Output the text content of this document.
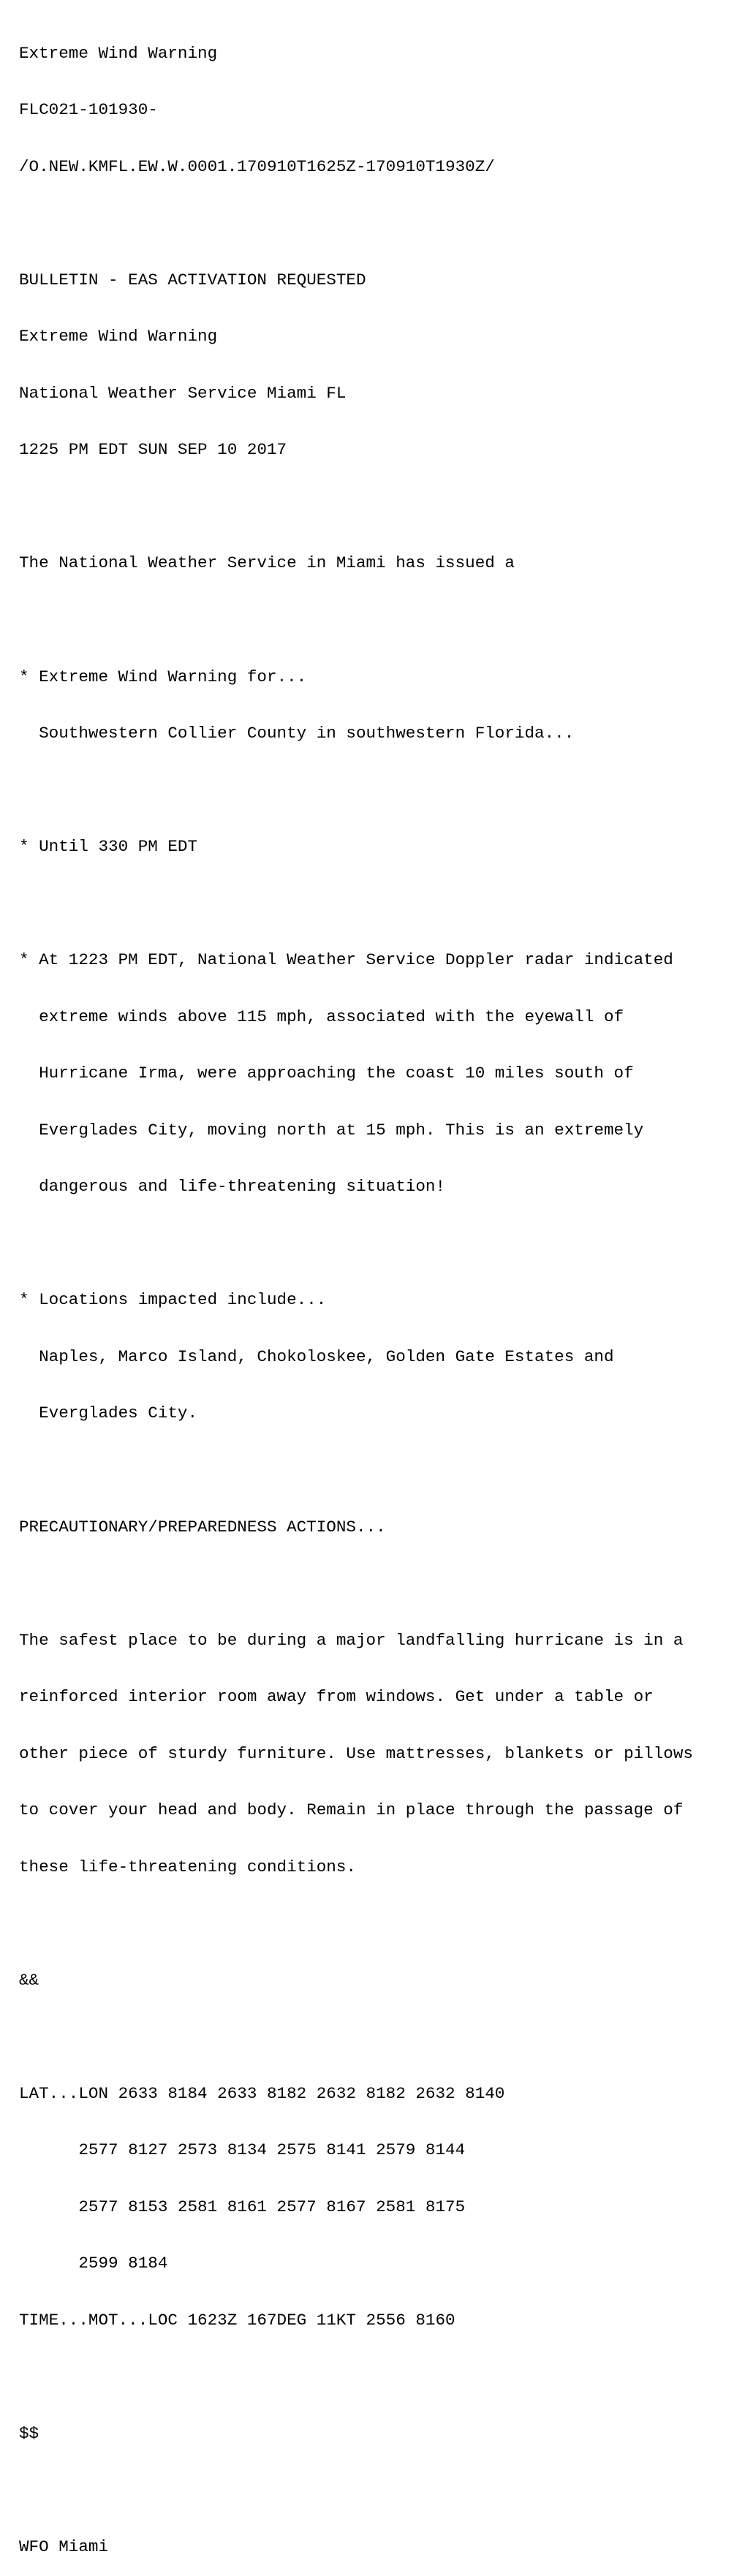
Extreme Wind Warning

FLC021-101930-

/O.NEW.KMFL.EW.W.0001.170910T1625Z-170910T1930Z/

BULLETIN - EAS ACTIVATION REQUESTED

Extreme Wind Warning

National Weather Service Miami FL

1225 PM EDT SUN SEP 10 2017

The National Weather Service in Miami has issued a

* Extreme Wind Warning for...

Southwestern Collier County in southwestern Florida...

* Until 330 PM EDT

* At 1223 PM EDT, National Weather Service Doppler radar indicated

extreme winds above 115 mph, associated with the eyewall of

Hurricane Irma, were approaching the coast 10 miles south of

Everglades City, moving north at 15 mph. This is an extremely

dangerous and life-threatening situation!

* Locations impacted include...

Naples, Marco Island, Chokoloskee, Golden Gate Estates and

Everglades City.

PRECAUTIONARY/PREPAREDNESS ACTIONS...

The safest place to be during a major landfalling hurricane is in a

reinforced interior room away from windows. Get under a table or

other piece of sturdy furniture. Use mattresses, blankets or pillows

to cover your head and body. Remain in place through the passage of

these life-threatening conditions.

&&

LAT...LON 2633 8184 2633 8182 2632 8182 2632 8140

2577 8127 2573 8134 2575 8141 2579 8144

2577 8153 2581 8161 2577 8167 2581 8175

2599 8184

TIME...MOT...LOC 1623Z 167DEG 11KT 2556 8160

$$

WFO Miami
